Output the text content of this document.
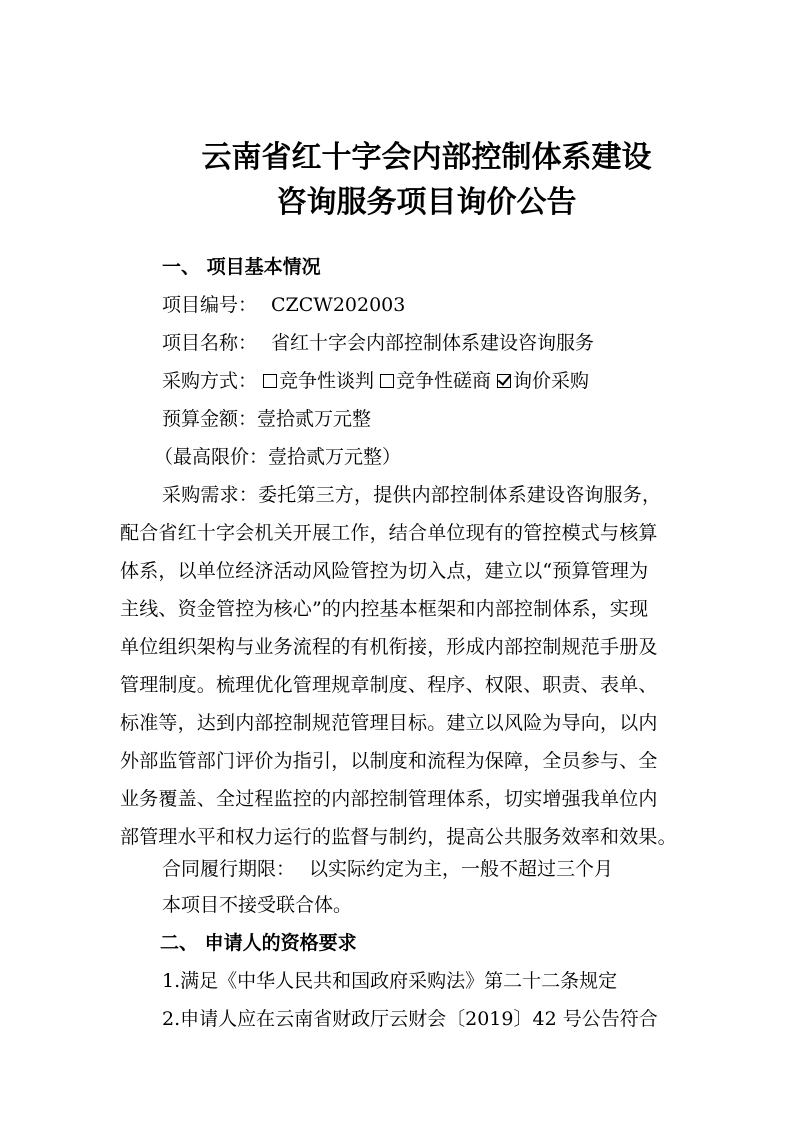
云南省红十字会内部控制体系建设
咨询服务项目询价公告
一、 项目基本情况
项目编号： CZCW202003
项目名称： 省红十字会内部控制体系建设咨询服务
采购方式： 竞争性谈判 竞争性磋商 询价采购
预算金额：壹拾贰万元整
（最高限价：壹拾贰万元整）
采购需求：委托第三方，提供内部控制体系建设咨询服务，
配合省红十字会机关开展工作，结合单位现有的管控模式与核算
体系，以单位经济活动风险管控为切入点，建立以“预算管理为
主线、资金管控为核心”的内控基本框架和内部控制体系，实现
单位组织架构与业务流程的有机衔接，形成内部控制规范手册及
管理制度。梳理优化管理规章制度、程序、权限、职责、表单、
标准等，达到内部控制规范管理目标。建立以风险为导向，以内
外部监管部门评价为指引，以制度和流程为保障，全员参与、全
业务覆盖、全过程监控的内部控制管理体系，切实增强我单位内
部管理水平和权力运行的监督与制约，提高公共服务效率和效果。
合同履行期限： 以实际约定为主，一般不超过三个月
本项目不接受联合体。
二、 申请人的资格要求
1.满足《中华人民共和国政府采购法》第二十二条规定
2.申请人应在云南省财政厅云财会〔2019〕42 号公告符合
